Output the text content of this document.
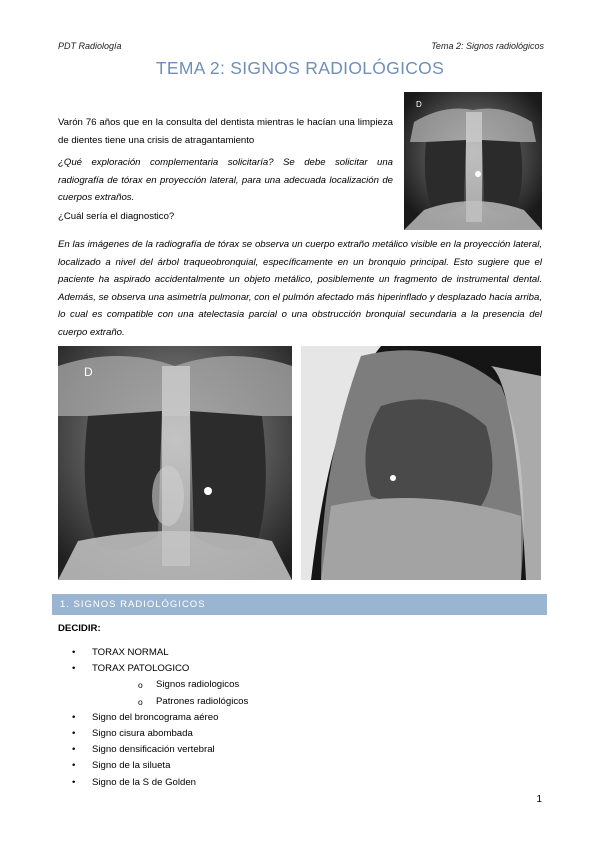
PDT Radiología	Tema 2: Signos radiológicos
TEMA 2: SIGNOS RADIOLÓGICOS
Varón 76 años que en la consulta del dentista mientras le hacían una limpieza de dientes tiene una crisis de atragantamiento
¿Qué exploración complementaria solicitaría? Se debe solicitar una radiografía de tórax en proyección lateral, para una adecuada localización de cuerpos extraños.
¿Cuál sería el diagnostico?
En las imágenes de la radiografía de tórax se observa un cuerpo extraño metálico visible en la proyección lateral, localizado a nivel del árbol traqueobronquial, específicamente en un bronquio principal. Esto sugiere que el paciente ha aspirado accidentalmente un objeto metálico, posiblemente un fragmento de instrumental dental. Además, se observa una asimetría pulmonar, con el pulmón afectado más hiperinflado y desplazado hacia arriba, lo cual es compatible con una atelectasia parcial o una obstrucción bronquial secundaria a la presencia del cuerpo extraño.
D
D
1. SIGNOS RADIOLÓGICOS
DECIDIR:
• TORAX NORMAL
• TORAX PATOLOGICO
o Signos radiologicos
o Patrones radiológicos
• Signo del broncograma aéreo
• Signo cisura abombada
• Signo densificación vertebral
• Signo de la silueta
• Signo de la S de Golden
1
